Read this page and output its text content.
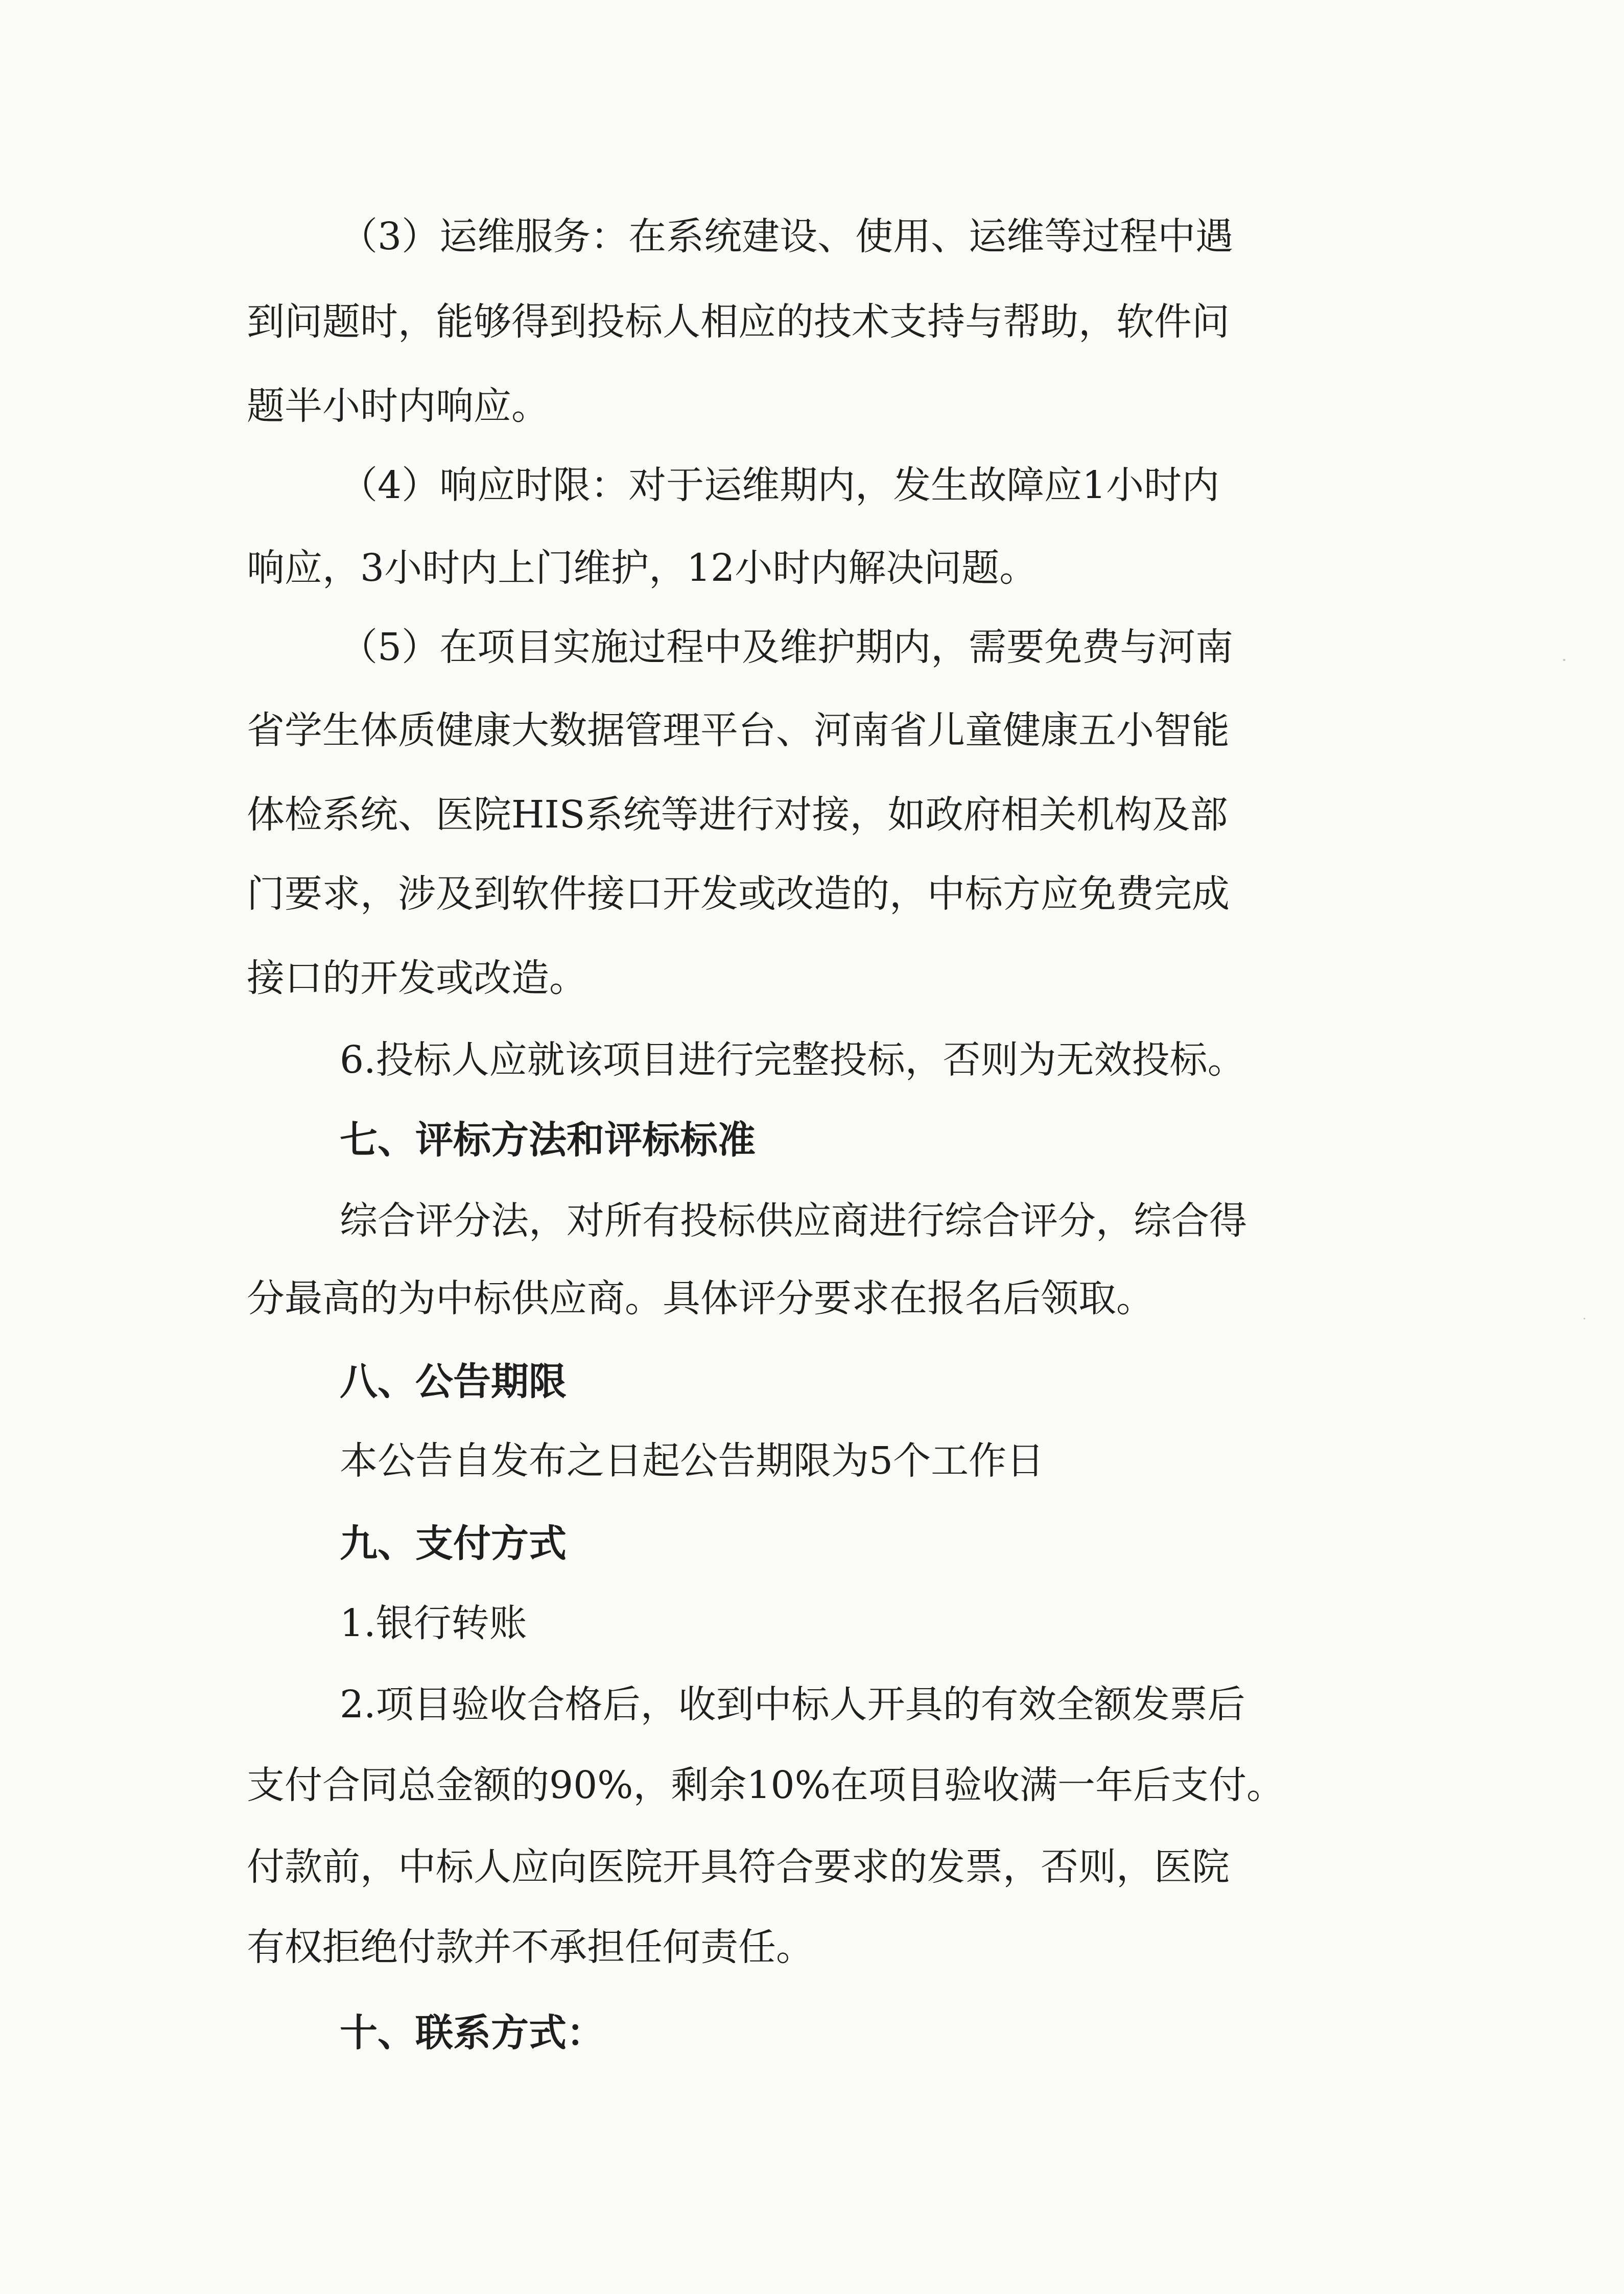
（3）运维服务：在系统建设、使用、运维等过程中遇
到问题时，能够得到投标人相应的技术支持与帮助，软件问
题半小时内响应。
（4）响应时限：对于运维期内，发生故障应1小时内
响应，3小时内上门维护，12小时内解决问题。
（5）在项目实施过程中及维护期内，需要免费与河南
省学生体质健康大数据管理平台、河南省儿童健康五小智能
体检系统、医院HIS系统等进行对接，如政府相关机构及部
门要求，涉及到软件接口开发或改造的，中标方应免费完成
接口的开发或改造。
6.投标人应就该项目进行完整投标，否则为无效投标。
七、评标方法和评标标准
综合评分法，对所有投标供应商进行综合评分，综合得
分最高的为中标供应商。具体评分要求在报名后领取。
八、公告期限
本公告自发布之日起公告期限为5个工作日
九、支付方式
1.银行转账
2.项目验收合格后，收到中标人开具的有效全额发票后
支付合同总金额的90%，剩余10%在项目验收满一年后支付。
付款前，中标人应向医院开具符合要求的发票，否则，医院
有权拒绝付款并不承担任何责任。
十、联系方式：
